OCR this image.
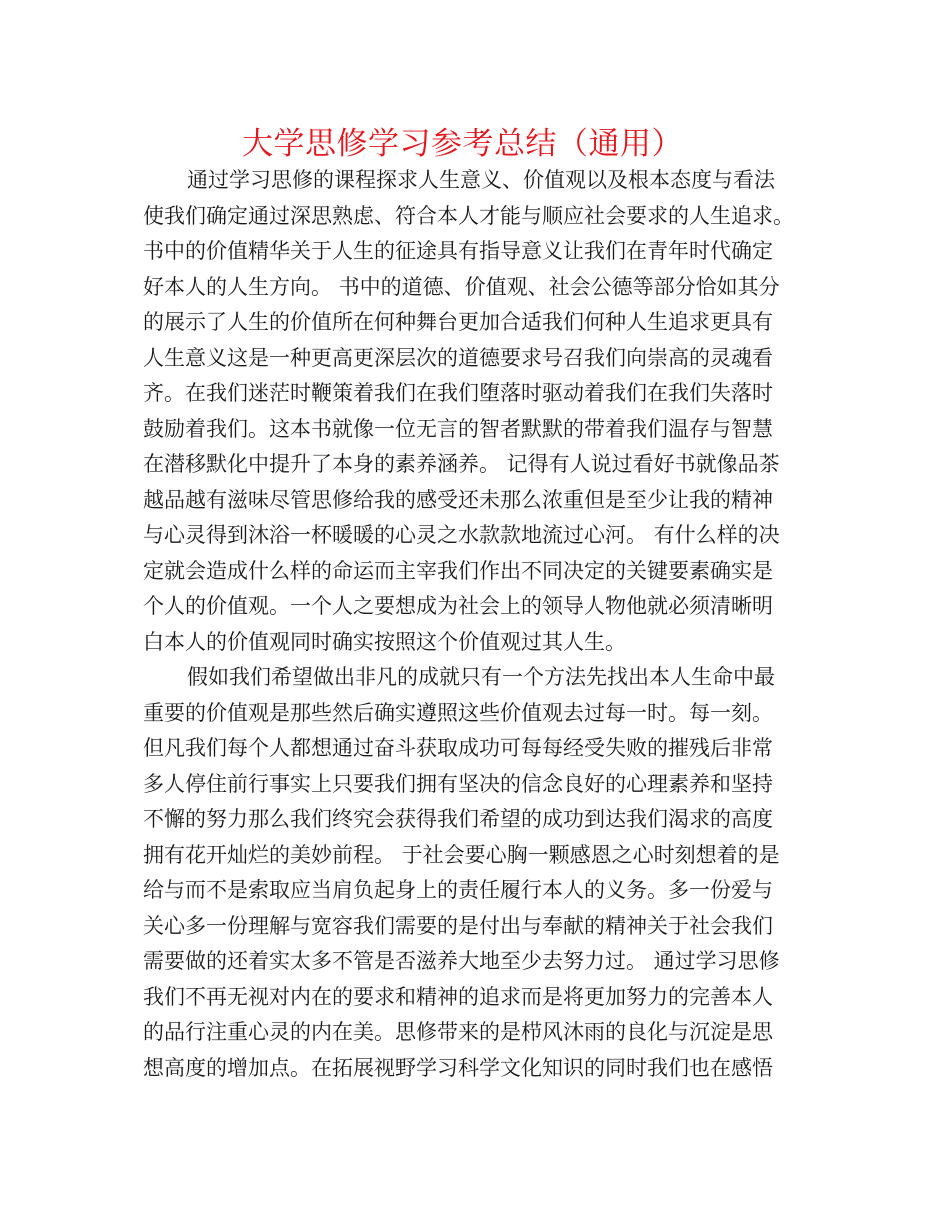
大学思修学习参考总结（通用）
通过学习思修的课程探求人生意义、价值观以及根本态度与看法
使我们确定通过深思熟虑、符合本人才能与顺应社会要求的人生追求。
书中的价值精华关于人生的征途具有指导意义让我们在青年时代确定
好本人的人生方向。 书中的道德、价值观、社会公德等部分恰如其分
的展示了人生的价值所在何种舞台更加合适我们何种人生追求更具有
人生意义这是一种更高更深层次的道德要求号召我们向崇高的灵魂看
齐。在我们迷茫时鞭策着我们在我们堕落时驱动着我们在我们失落时
鼓励着我们。这本书就像一位无言的智者默默的带着我们温存与智慧
在潜移默化中提升了本身的素养涵养。 记得有人说过看好书就像品茶
越品越有滋味尽管思修给我的感受还未那么浓重但是至少让我的精神
与心灵得到沐浴一杯暖暖的心灵之水款款地流过心河。 有什么样的决
定就会造成什么样的命运而主宰我们作出不同决定的关键要素确实是
个人的价值观。一个人之要想成为社会上的领导人物他就必须清晰明
白本人的价值观同时确实按照这个价值观过其人生。
假如我们希望做出非凡的成就只有一个方法先找出本人生命中最
重要的价值观是那些然后确实遵照这些价值观去过每一时。每一刻。
但凡我们每个人都想通过奋斗获取成功可每每经受失败的摧残后非常
多人停住前行事实上只要我们拥有坚决的信念良好的心理素养和坚持
不懈的努力那么我们终究会获得我们希望的成功到达我们渴求的高度
拥有花开灿烂的美妙前程。 于社会要心胸一颗感恩之心时刻想着的是
给与而不是索取应当肩负起身上的责任履行本人的义务。多一份爱与
关心多一份理解与宽容我们需要的是付出与奉献的精神关于社会我们
需要做的还着实太多不管是否滋养大地至少去努力过。 通过学习思修
我们不再无视对内在的要求和精神的追求而是将更加努力的完善本人
的品行注重心灵的内在美。思修带来的是栉风沐雨的良化与沉淀是思
想高度的增加点。在拓展视野学习科学文化知识的同时我们也在感悟
